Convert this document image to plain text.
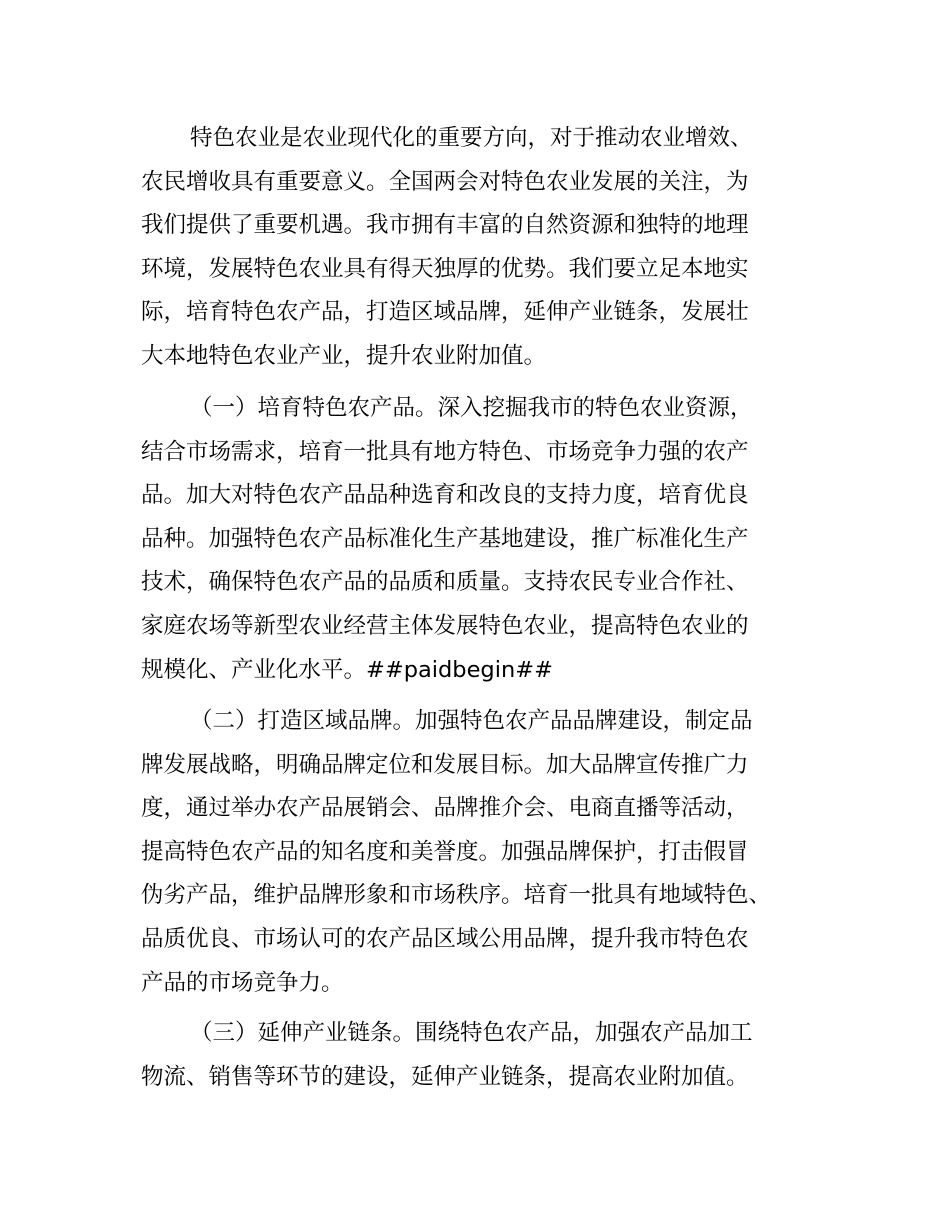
特色农业是农业现代化的重要方向，对于推动农业增效、
农民增收具有重要意义。全国两会对特色农业发展的关注，为
我们提供了重要机遇。我市拥有丰富的自然资源和独特的地理
环境，发展特色农业具有得天独厚的优势。我们要立足本地实
际，培育特色农产品，打造区域品牌，延伸产业链条，发展壮
大本地特色农业产业，提升农业附加值。
（一）培育特色农产品。深入挖掘我市的特色农业资源，
结合市场需求，培育一批具有地方特色、市场竞争力强的农产
品。加大对特色农产品品种选育和改良的支持力度，培育优良
品种。加强特色农产品标准化生产基地建设，推广标准化生产
技术，确保特色农产品的品质和质量。支持农民专业合作社、
家庭农场等新型农业经营主体发展特色农业，提高特色农业的
规模化、产业化水平。##paidbegin##
（二）打造区域品牌。加强特色农产品品牌建设，制定品
牌发展战略，明确品牌定位和发展目标。加大品牌宣传推广力
度，通过举办农产品展销会、品牌推介会、电商直播等活动，
提高特色农产品的知名度和美誉度。加强品牌保护，打击假冒
伪劣产品，维护品牌形象和市场秩序。培育一批具有地域特色、
品质优良、市场认可的农产品区域公用品牌，提升我市特色农
产品的市场竞争力。
（三）延伸产业链条。围绕特色农产品，加强农产品加工
物流、销售等环节的建设，延伸产业链条，提高农业附加值。
